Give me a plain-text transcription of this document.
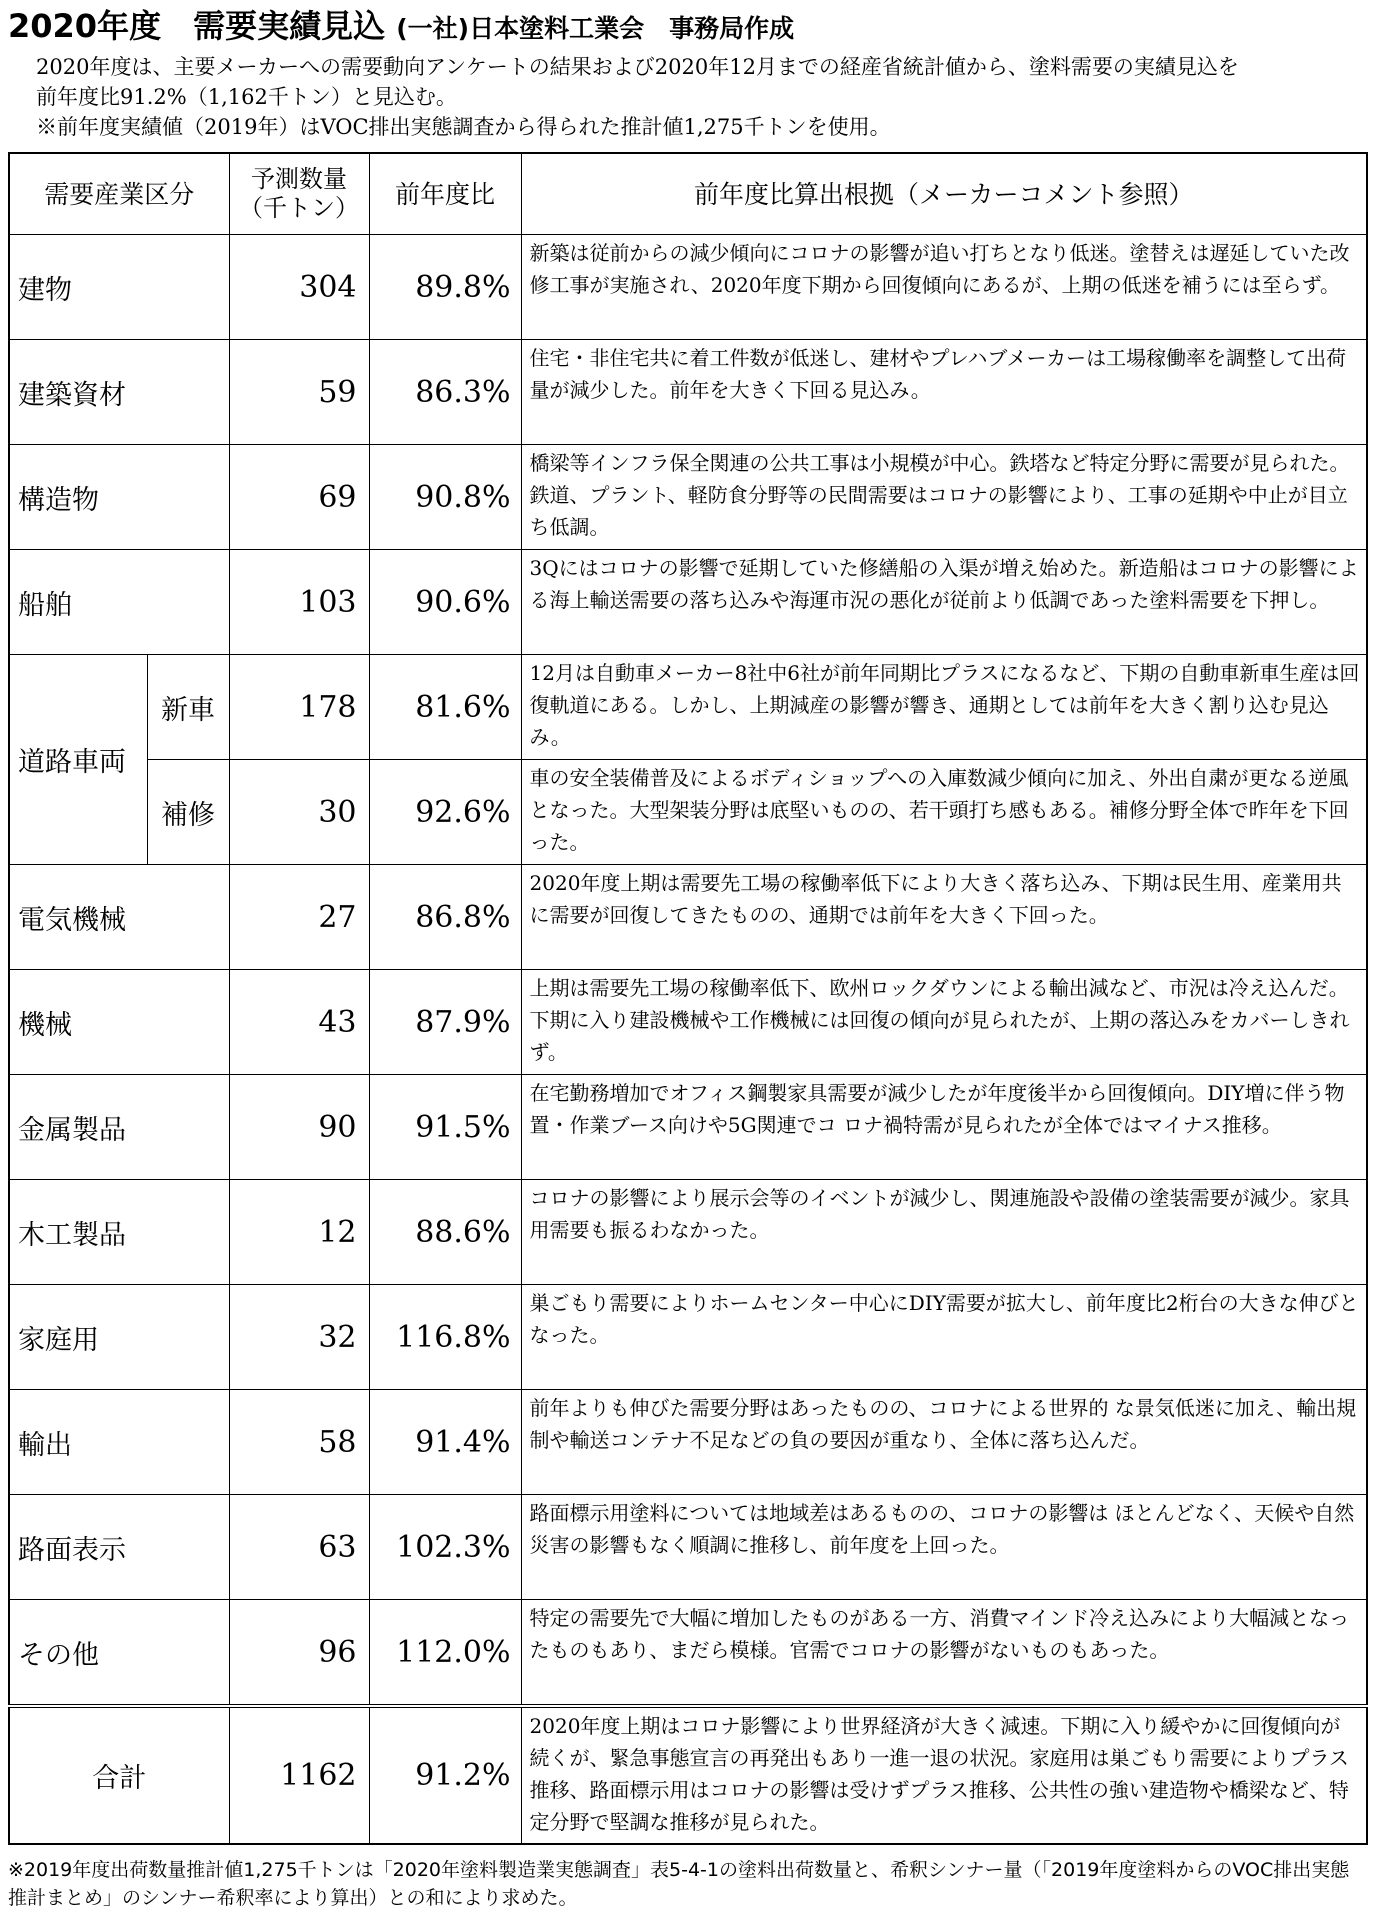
2020年度　需要実績見込 (一社)日本塗料工業会　事務局作成
2020年度は、主要メーカーへの需要動向アンケートの結果および2020年12月までの経産省統計値から、塗料需要の実績見込を
前年度比91.2%（1,162千トン）と見込む。
※前年度実績値（2019年）はVOC排出実態調査から得られた推計値1,275千トンを使用。
需要産業区分		予測数量
（千トン）	前年度比	前年度比算出根拠（メーカーコメント参照）
建物		304	89.8%	新築は従前からの減少傾向にコロナの影響が追い打ちとなり低迷。塗替えは遅延していた改修工事が実施され、2020年度下期から回復傾向にあるが、上期の低迷を補うには至らず。

建築資材		59	86.3%	住宅・非住宅共に着工件数が低迷し、建材やプレハブメーカーは工場稼働率を調整して出荷量が減少した。前年を大きく下回る見込み。

構造物		69	90.8%	橋梁等インフラ保全関連の公共工事は小規模が中心。鉄塔など特定分野に需要が見られた。鉄道、プラント、軽防食分野等の民間需要はコロナの影響により、工事の延期や中止が目立ち低調。

船舶		103	90.6%	3Qにはコロナの影響で延期していた修繕船の入渠が増え始めた。新造船はコロナの影響による海上輸送需要の落ち込みや海運市況の悪化が従前より低調であった塗料需要を下押し。

道路車両	新車	178	81.6%	12月は自動車メーカー8社中6社が前年同期比プラスになるなど、下期の自動車新車生産は回復軌道にある。しかし、上期減産の影響が響き、通期としては前年を大きく割り込む見込み。

	補修	30	92.6%	車の安全装備普及によるボディショップへの入庫数減少傾向に加え、外出自粛が更なる逆風となった。大型架装分野は底堅いものの、若干頭打ち感もある。補修分野全体で昨年を下回った。

電気機械		27	86.8%	2020年度上期は需要先工場の稼働率低下により大きく落ち込み、下期は民生用、産業用共に需要が回復してきたものの、通期では前年を大きく下回った。

機械		43	87.9%	上期は需要先工場の稼働率低下、欧州ロックダウンによる輸出減など、市況は冷え込んだ。下期に入り建設機械や工作機械には回復の傾向が見られたが、上期の落込みをカバーしきれず。

金属製品		90	91.5%	在宅勤務増加でオフィス鋼製家具需要が減少したが年度後半から回復傾向。DIY増に伴う物置・作業ブース向けや5G関連でコ ロナ禍特需が見られたが全体ではマイナス推移。

木工製品		12	88.6%	コロナの影響により展示会等のイベントが減少し、関連施設や設備の塗装需要が減少。家具用需要も振るわなかった。

家庭用		32	116.8%	巣ごもり需要によりホームセンター中心にDIY需要が拡大し、前年度比2桁台の大きな伸びとなった。

輸出		58	91.4%	前年よりも伸びた需要分野はあったものの、コロナによる世界的 な景気低迷に加え、輸出規制や輸送コンテナ不足などの負の要因が重なり、全体に落ち込んだ。

路面表示		63	102.3%	路面標示用塗料については地域差はあるものの、コロナの影響は ほとんどなく、天候や自然災害の影響もなく順調に推移し、前年度を上回った。

その他		96	112.0%	特定の需要先で大幅に増加したものがある一方、消費マインド冷え込みにより大幅減となったものもあり、まだら模様。官需でコロナの影響がないものもあった。

合計		1162	91.2%	2020年度上期はコロナ影響により世界経済が大きく減速。下期に入り緩やかに回復傾向が続くが、緊急事態宣言の再発出もあり一進一退の状況。家庭用は巣ごもり需要によりプラス推移、路面標示用はコロナの影響は受けずプラス推移、公共性の強い建造物や橋梁など、特定分野で堅調な推移が見られた。
※2019年度出荷数量推計値1,275千トンは「2020年塗料製造業実態調査」表5-4-1の塗料出荷数量と、希釈シンナー量（「2019年度塗料からのVOC排出実態推計まとめ」のシンナー希釈率により算出）との和により求めた。
